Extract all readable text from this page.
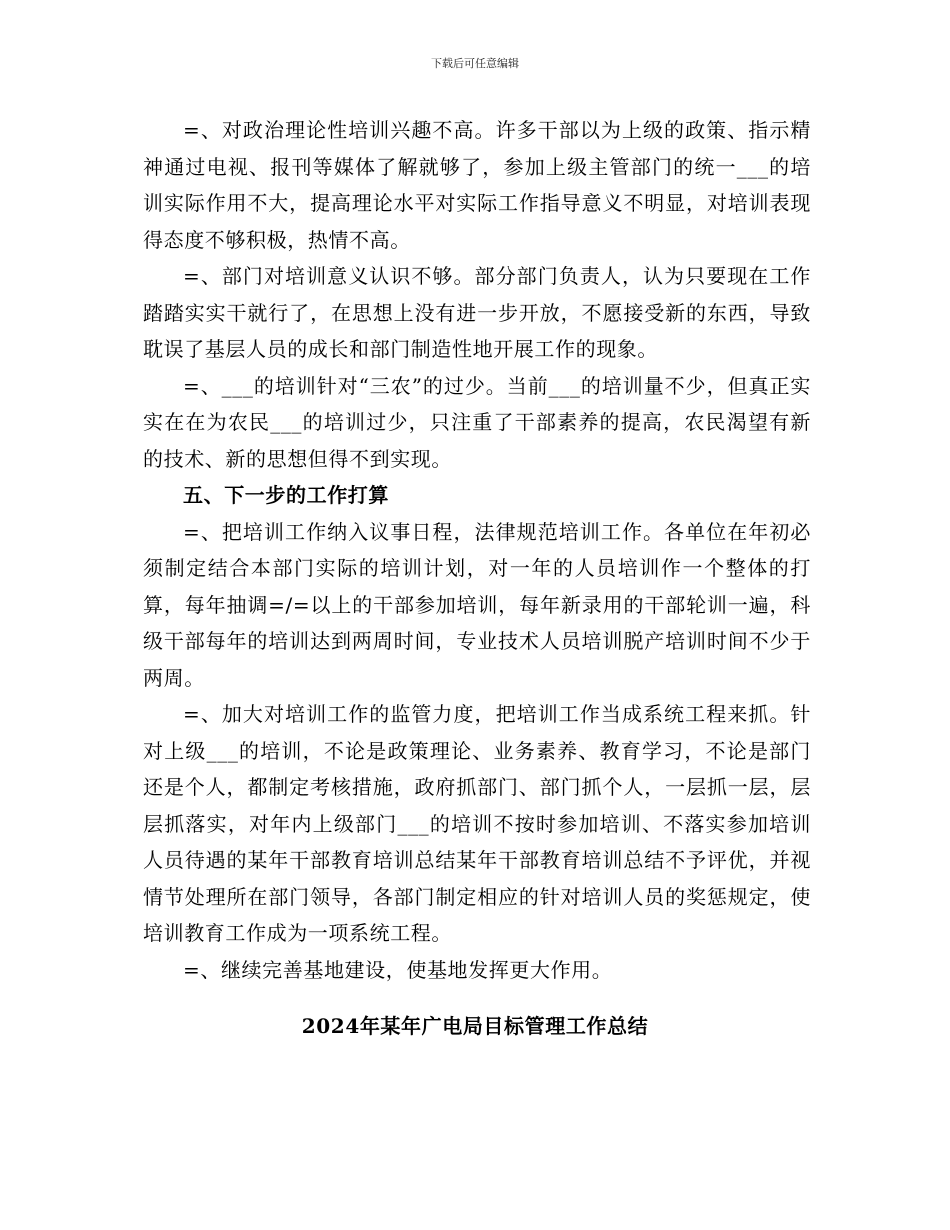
下载后可任意编辑

=、对政治理论性培训兴趣不高。许多干部以为上级的政策、指示精神通过电视、报刊等媒体了解就够了，参加上级主管部门的统一___的培训实际作用不大，提高理论水平对实际工作指导意义不明显，对培训表现得态度不够积极，热情不高。

=、部门对培训意义认识不够。部分部门负责人，认为只要现在工作踏踏实实干就行了，在思想上没有进一步开放，不愿接受新的东西，导致耽误了基层人员的成长和部门制造性地开展工作的现象。

=、___的培训针对“三农”的过少。当前___的培训量不少，但真正实实在在为农民___的培训过少，只注重了干部素养的提高，农民渴望有新的技术、新的思想但得不到实现。

五、下一步的工作打算

=、把培训工作纳入议事日程，法律规范培训工作。各单位在年初必须制定结合本部门实际的培训计划，对一年的人员培训作一个整体的打算，每年抽调=/=以上的干部参加培训，每年新录用的干部轮训一遍，科级干部每年的培训达到两周时间，专业技术人员培训脱产培训时间不少于两周。

=、加大对培训工作的监管力度，把培训工作当成系统工程来抓。针对上级___的培训，不论是政策理论、业务素养、教育学习，不论是部门还是个人，都制定考核措施，政府抓部门、部门抓个人，一层抓一层，层层抓落实，对年内上级部门___的培训不按时参加培训、不落实参加培训人员待遇的某年干部教育培训总结某年干部教育培训总结不予评优，并视情节处理所在部门领导，各部门制定相应的针对培训人员的奖惩规定，使培训教育工作成为一项系统工程。

=、继续完善基地建设，使基地发挥更大作用。

2024年某年广电局目标管理工作总结
